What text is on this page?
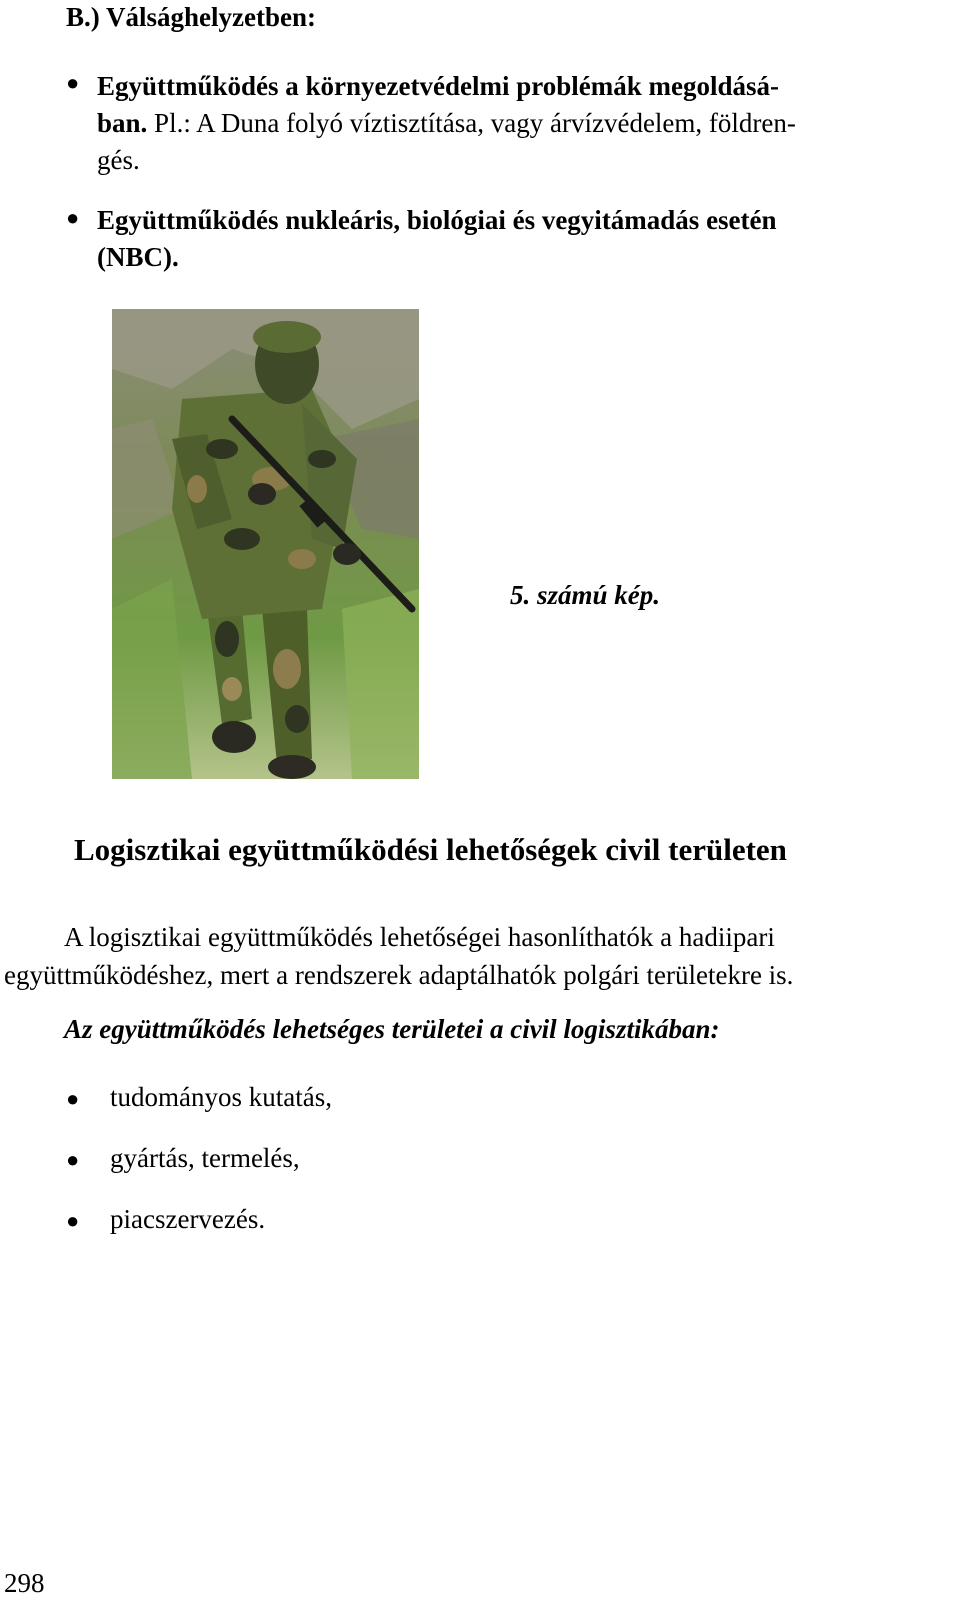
B.) Válsághelyzetben:
● Együttműködés a környezetvédelmi problémák megoldásá-
ban. Pl.: A Duna folyó víztisztítása, vagy árvízvédelem, földren-
gés.
● Együttműködés nukleáris, biológiai és vegyitámadás esetén
(NBC).
5. számú kép.
Logisztikai együttműködési lehetőségek civil területen
A logisztikai együttműködés lehetőségei hasonlíthatók a hadiipari
együttműködéshez, mert a rendszerek adaptálhatók polgári területekre is.
Az együttműködés lehetséges területei a civil logisztikában:
● tudományos kutatás,
● gyártás, termelés,
● piacszervezés.
298
